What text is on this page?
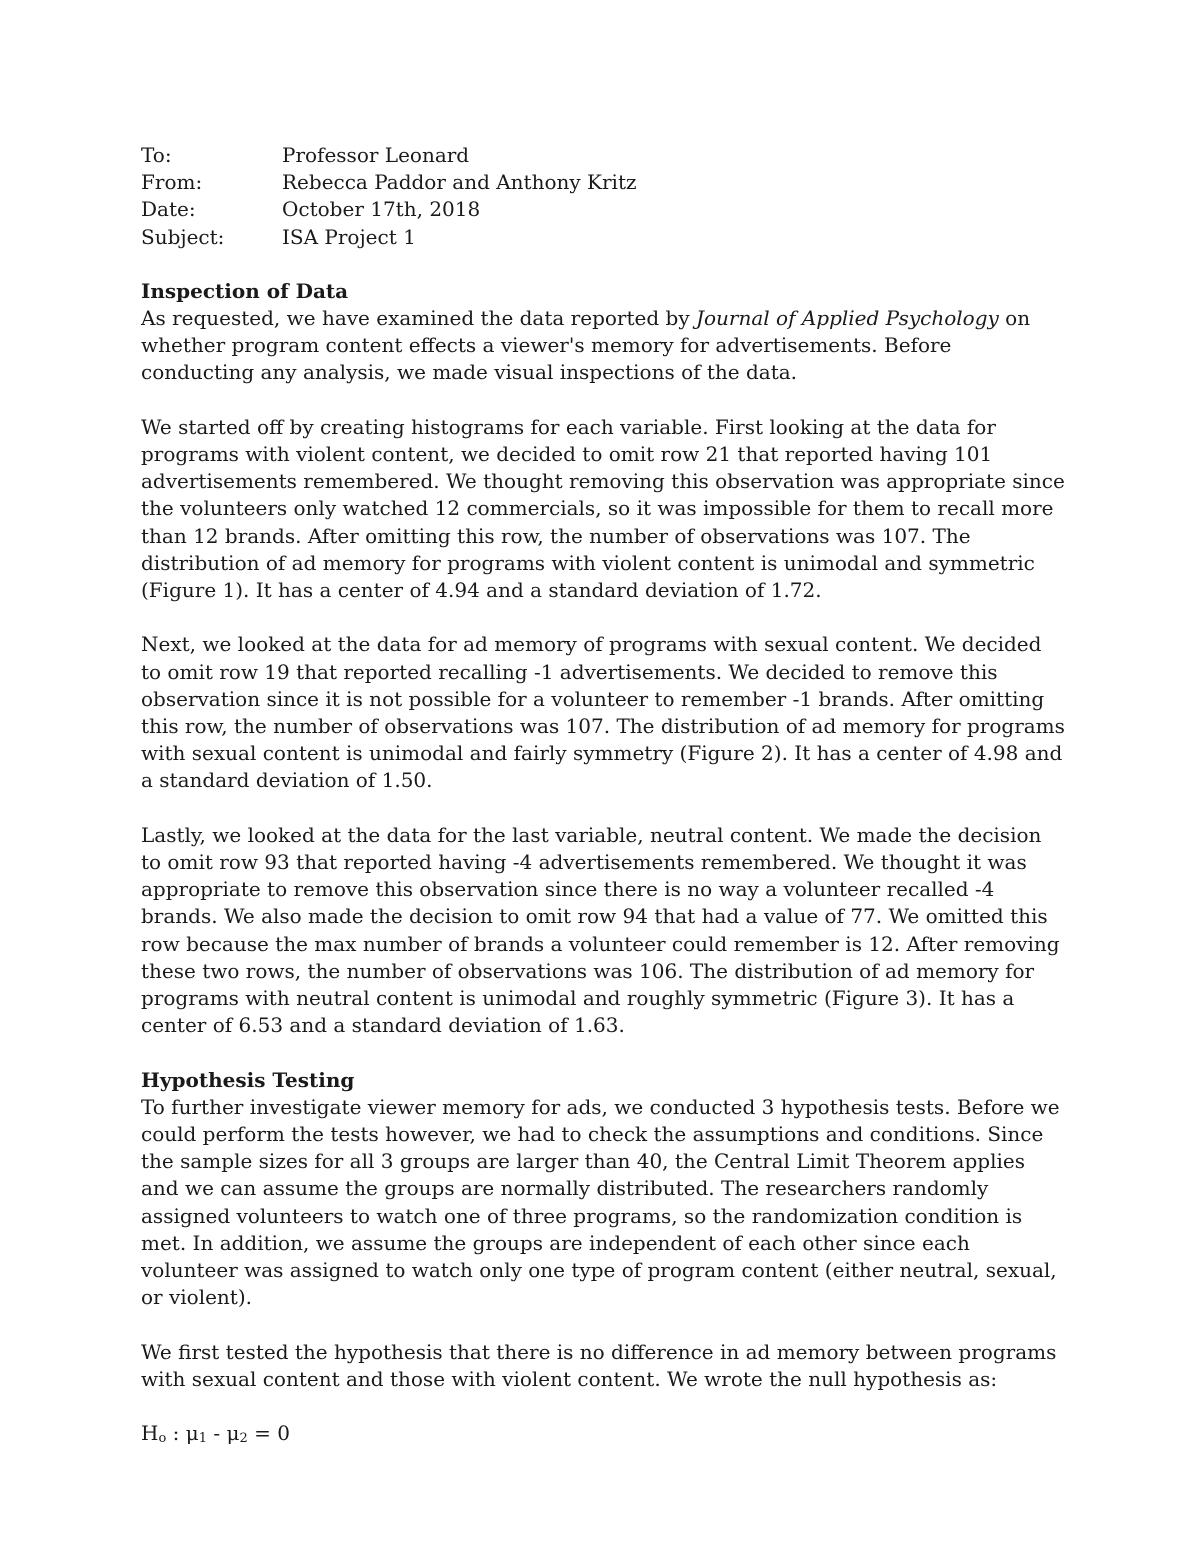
To:	Professor Leonard
From:	Rebecca Paddor and Anthony Kritz
Date:	October 17th, 2018
Subject:	ISA Project 1
Inspection of Data

As requested, we have examined the data reported by Journal of Applied Psychology on whether program content effects a viewer's memory for advertisements. Before conducting any analysis, we made visual inspections of the data.

We started off by creating histograms for each variable. First looking at the data for programs with violent content, we decided to omit row 21 that reported having 101 advertisements remembered. We thought removing this observation was appropriate since the volunteers only watched 12 commercials, so it was impossible for them to recall more than 12 brands. After omitting this row, the number of observations was 107. The distribution of ad memory for programs with violent content is unimodal and symmetric (Figure 1). It has a center of 4.94 and a standard deviation of 1.72.

Next, we looked at the data for ad memory of programs with sexual content. We decided to omit row 19 that reported recalling -1 advertisements. We decided to remove this observation since it is not possible for a volunteer to remember -1 brands. After omitting this row, the number of observations was 107. The distribution of ad memory for programs with sexual content is unimodal and fairly symmetry (Figure 2). It has a center of 4.98 and a standard deviation of 1.50.

Lastly, we looked at the data for the last variable, neutral content. We made the decision to omit row 93 that reported having -4 advertisements remembered. We thought it was appropriate to remove this observation since there is no way a volunteer recalled -4 brands. We also made the decision to omit row 94 that had a value of 77. We omitted this row because the max number of brands a volunteer could remember is 12. After removing these two rows, the number of observations was 106. The distribution of ad memory for programs with neutral content is unimodal and roughly symmetric (Figure 3). It has a center of 6.53 and a standard deviation of 1.63.

Hypothesis Testing

To further investigate viewer memory for ads, we conducted 3 hypothesis tests. Before we could perform the tests however, we had to check the assumptions and conditions. Since the sample sizes for all 3 groups are larger than 40, the Central Limit Theorem applies and we can assume the groups are normally distributed. The researchers randomly assigned volunteers to watch one of three programs, so the randomization condition is met. In addition, we assume the groups are independent of each other since each volunteer was assigned to watch only one type of program content (either neutral, sexual, or violent).

We first tested the hypothesis that there is no difference in ad memory between programs with sexual content and those with violent content. We wrote the null hypothesis as:

Ho : μ1 - μ2 = 0
